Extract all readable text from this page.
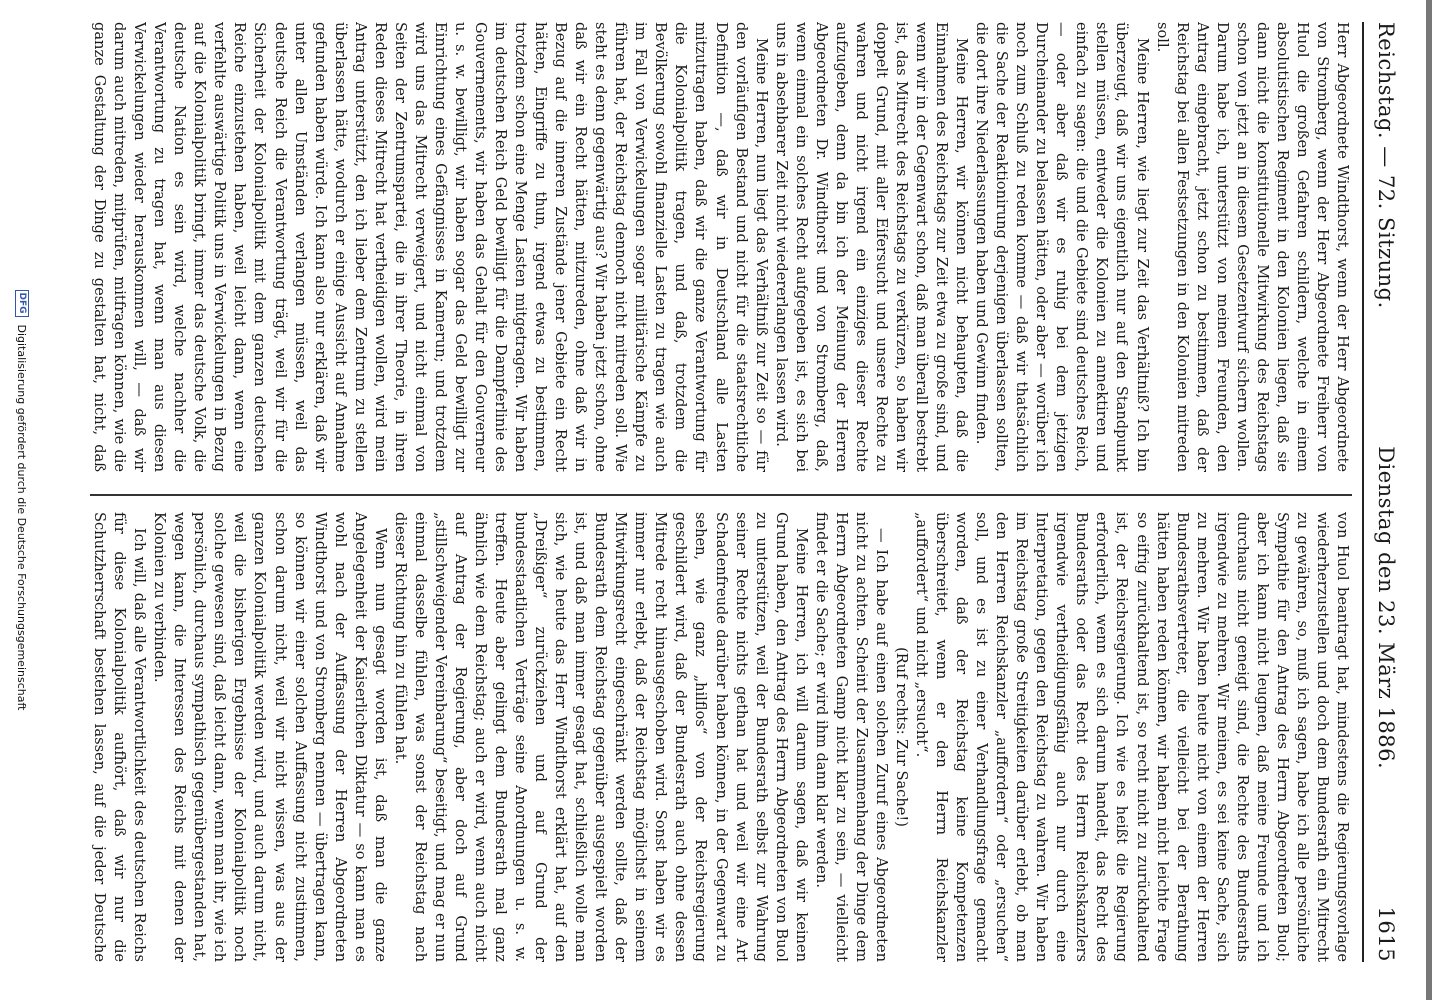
Reichstag. — 72. Sitzung.
Dienstag den 23. März 1886.
1615

Herr Abgeordnete Windthorst, wenn der Herr Abgeordnete von Stromberg, wenn der Herr Abgeordnete Freiherr von Huol die großen Gefahren schildern, welche in einem absolutistischen Regiment in den Kolonien liegen, daß sie dann nicht die konstitutionelle Mitwirkung des Reichstags schon von jetzt an in diesem Gesetzentwurf sichern wollen. Darum habe ich, unterstützt von meinen Freunden, den Antrag eingebracht, jetzt schon zu bestimmen, daß der Reichstag bei allen Festsetzungen in den Kolonien mitreden soll.

Meine Herren, wie liegt zur Zeit das Verhältniß? Ich bin überzeugt, daß wir uns eigentlich nur auf den Standpunkt stellen müssen, entweder die Kolonien zu annektiren und einfach zu sagen: die und die Gebiete sind deutsches Reich, — oder aber daß wir es ruhig bei dem jetzigen Durcheinander zu belassen hätten, oder aber — worüber ich noch zum Schluß zu reden komme — daß wir thatsächlich die Sache der Reaktionirung derjenigen überlassen sollten, die dort ihre Niederlassungen haben und Gewinn finden.

Meine Herren, wir können nicht behaupten, daß die Einnahmen des Reichstags zur Zeit etwa zu große sind, und wenn wir in der Gegenwart schon, daß man überall bestrebt ist, das Mitrecht des Reichstags zu verkürzen, so haben wir doppelt Grund, mit aller Eifersucht und unsere Rechte zu wahren und nicht irgend ein einziges dieser Rechte aufzugeben, denn da bin ich der Meinung der Herren Abgeordneten Dr. Windthorst und von Stromberg, daß, wenn einmal ein solches Recht aufgegeben ist, es sich bei uns in absehbarer Zeit nicht wiedererlangen lassen wird.

Meine Herren, nun liegt das Verhältniß zur Zeit so — für den vorläufigen Bestand und nicht für die staatsrechtliche Definition —, daß wir in Deutschland alle Lasten mitzutragen haben, daß wir die ganze Verantwortung für die Kolonialpolitik tragen, und daß, trotzdem die Bevölkerung sowohl finanzielle Lasten zu tragen wie auch im Fall von Verwickelungen sogar militärische Kämpfe zu führen hat, der Reichstag dennoch nicht mitreden soll. Wie steht es denn gegenwärtig aus? Wir haben jetzt schon, ohne daß wir ein Recht hätten, mitzureden, ohne daß wir in Bezug auf die inneren Zustände jener Gebiete ein Recht hätten, Eingriffe zu thun, irgend etwas zu bestimmen, trotzdem schon eine Menge Lasten mitgetragen. Wir haben im deutschen Reich Geld bewilligt für die Dampferlinie des Gouvernements, wir haben das Gehalt für den Gouverneur u. s. w. bewilligt, wir haben sogar das Geld bewilligt zur Einrichtung eines Gefängnisses in Kamerun; und trotzdem wird uns das Mitrecht verweigert, und nicht einmal von Seiten der Zentrumspartei, die in ihrer Theorie, in ihren Reden dieses Mitrecht hat vertheidigen wollen, wird mein Antrag unterstützt, den ich lieber dem Zentrum zu stellen überlassen hätte, wodurch er einige Aussicht auf Annahme gefunden haben würde. Ich kann also nur erklären, daß wir unter allen Umständen verlangen müssen, weil das deutsche Reich die Verantwortung trägt, weil wir für die Sicherheit der Kolonialpolitik mit dem ganzen deutschen Reiche einzustehen haben, weil leicht dann, wenn eine verfehlte auswärtige Politik uns in Verwickelungen in Bezug auf die Kolonialpolitik bringt, immer das deutsche Volk, die deutsche Nation es sein wird, welche nachher die Verantwortung zu tragen hat, wenn man aus diesen Verwickelungen wieder herauskommen will, — daß wir darum auch mitreden, mitprüfen, mitfragen können, wie die ganze Gestaltung der Dinge zu gestalten hat, nicht, daß

von Huol beantragt hat, mindestens die Regierungsvorlage wiederherzustellen und doch dem Bundesrath ein Mitrecht zu gewähren, so, muß ich sagen, habe ich alle persönliche Sympathie für den Antrag des Herrn Abgeordneten Buol; aber ich kann nicht leugnen, daß meine Freunde und ich durchaus nicht geneigt sind, die Rechte des Bundesraths irgendwie zu mehren. Wir meinen, es sei keine Sache, sich zu mehren. Wir haben heute nicht von einem der Herren Bundesrathsvertreter, die vielleicht bei der Berathung hätten haben reden können, wir haben nicht leichte Frage so eifrig zurückhaltend ist, so recht nicht zu zurückhaltend ist, der Reichsregierung. Ich wie es heißt die Regierung erforderlich, wenn es sich darum handelt, das Recht des Bundesraths oder das Recht des Herrn Reichskanzlers irgendwie vertheidigungsfähig auch nur durch eine Interpretation, gegen den Reichstag zu wahren. Wir haben im Reichstag große Streitigkeiten darüber erlebt, ob man den Herren Reichskanzler „auffordern“ oder „ersuchen“ soll, und es ist zu einer Verhandlungsfrage gemacht worden, daß der Reichstag keine Kompetenzen überschreitet, wenn er den Herrn Reichskanzler „auffordert“ und nicht „ersucht“.

(Ruf rechts: Zur Sache!)

— Ich habe auf einen solchen Zuruf eines Abgeordneten nicht zu achten. Scheint der Zusammenhang der Dinge dem Herrn Abgeordneten Gamp nicht klar zu sein, — vielleicht findet er die Sache; er wird ihm dann klar werden.

Meine Herren, ich will darum sagen, daß wir keinen Grund haben, den Antrag des Herrn Abgeordneten von Buol zu unterstützen, weil der Bundesrath selbst zur Wahrung seiner Rechte nichts gethan hat und weil wir eine Art Schadenfreude darüber haben können, in der Gegenwart zu sehen, wie ganz „hilflos“ von der Reichsregierung geschildert wird, daß der Bundesrath auch ohne dessen Mitrede recht hinausgeschoben wird. Sonst haben wir es immer nur erlebt, daß der Reichstag möglichst in seinem Mitwirkungsrecht eingeschränkt werden sollte, daß der Bundesrath dem Reichstag gegenüber ausgespielt worden ist, und daß man immer gesagt hat, schließlich wolle man sich, wie heute das Herr Windthorst erklärt hat, auf den „Dreißiger“ zurückziehen und auf Grund der bundesstaatlichen Verträge seine Anordnungen u. s. w. treffen. Heute aber gelingt dem Bundesrath mal ganz ähnlich wie dem Reichstag; auch er wird, wenn auch nicht auf Antrag der Regierung, aber doch auf Grund „stillschweigender Vereinbarung“ beseitigt, und mag er nun einmal dasselbe fühlen, was sonst der Reichstag nach dieser Richtung hin zu fühlen hat.

Wenn nun gesagt worden ist, daß man die ganze Angelegenheit der Kaiserlichen Diktatur — so kann man es wohl nach der Auffassung der Herren Abgeordneten Windthorst und von Stromberg nennen — übertragen kann, so können wir einer solchen Auffassung nicht zustimmen, schon darum nicht, weil wir nicht wissen, was aus der ganzen Kolonialpolitik werden wird, und auch darum nicht, weil die bisherigen Ergebnisse der Kolonialpolitik noch solche gewesen sind, daß leicht dann, wenn man ihr, wie ich persönlich, durchaus sympathisch gegenübergestanden hat, wegen kann, die Interessen des Reichs mit denen der Kolonien zu verbinden.

Ich will, daß alle Verantwortlichkeit des deutschen Reichs für diese Kolonialpolitik aufhört, daß wir nur die Schutzherrschaft bestehen lassen, auf die jeder Deutsche

DFG
Digitalisierung gefördert durch die Deutsche Forschungsgemeinschaft
